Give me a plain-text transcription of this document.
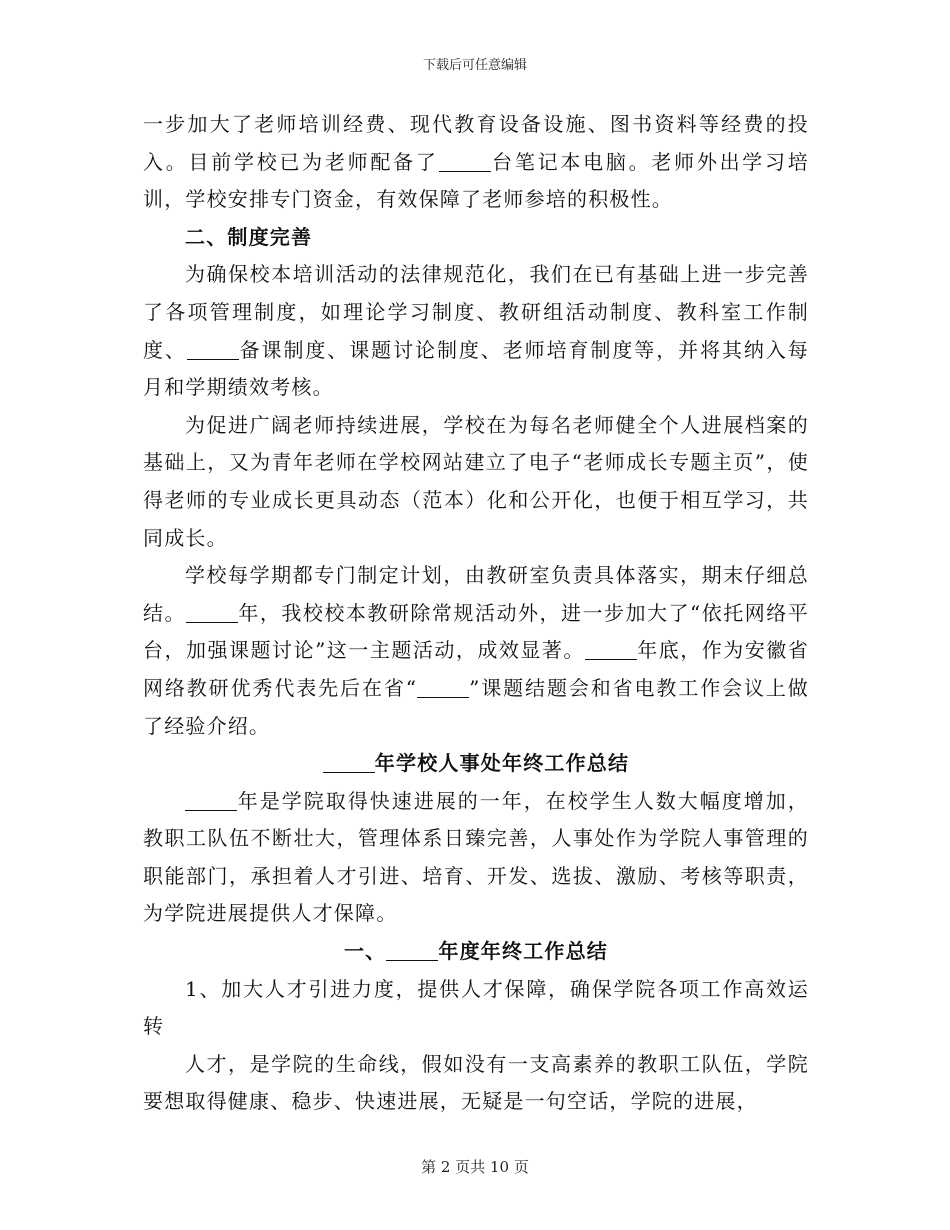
下载后可任意编辑

一步加大了老师培训经费、现代教育设备设施、图书资料等经费的投入。目前学校已为老师配备了	台笔记本电脑。老师外出学习培训，学校安排专门资金，有效保障了老师参培的积极性。

二、制度完善

为确保校本培训活动的法律规范化，我们在已有基础上进一步完善了各项管理制度，如理论学习制度、教研组活动制度、教科室工作制度、	备课制度、课题讨论制度、老师培育制度等，并将其纳入每月和学期绩效考核。

为促进广阔老师持续进展，学校在为每名老师健全个人进展档案的基础上，又为青年老师在学校网站建立了电子“老师成长专题主页”，使得老师的专业成长更具动态（范本）化和公开化，也便于相互学习，共同成长。

学校每学期都专门制定计划，由教研室负责具体落实，期末仔细总结。	年，我校校本教研除常规活动外，进一步加大了“依托网络平台，加强课题讨论”这一主题活动，成效显著。	年底，作为安徽省网络教研优秀代表先后在省“	”课题结题会和省电教工作会议上做了经验介绍。

年学校人事处年终工作总结

年是学院取得快速进展的一年，在校学生人数大幅度增加，教职工队伍不断壮大，管理体系日臻完善，人事处作为学院人事管理的职能部门，承担着人才引进、培育、开发、选拔、激励、考核等职责，为学院进展提供人才保障。

一、	年度年终工作总结

1、加大人才引进力度，提供人才保障，确保学院各项工作高效运转

人才，是学院的生命线，假如没有一支高素养的教职工队伍，学院要想取得健康、稳步、快速进展，无疑是一句空话，学院的进展，

第 2 页共 10 页
